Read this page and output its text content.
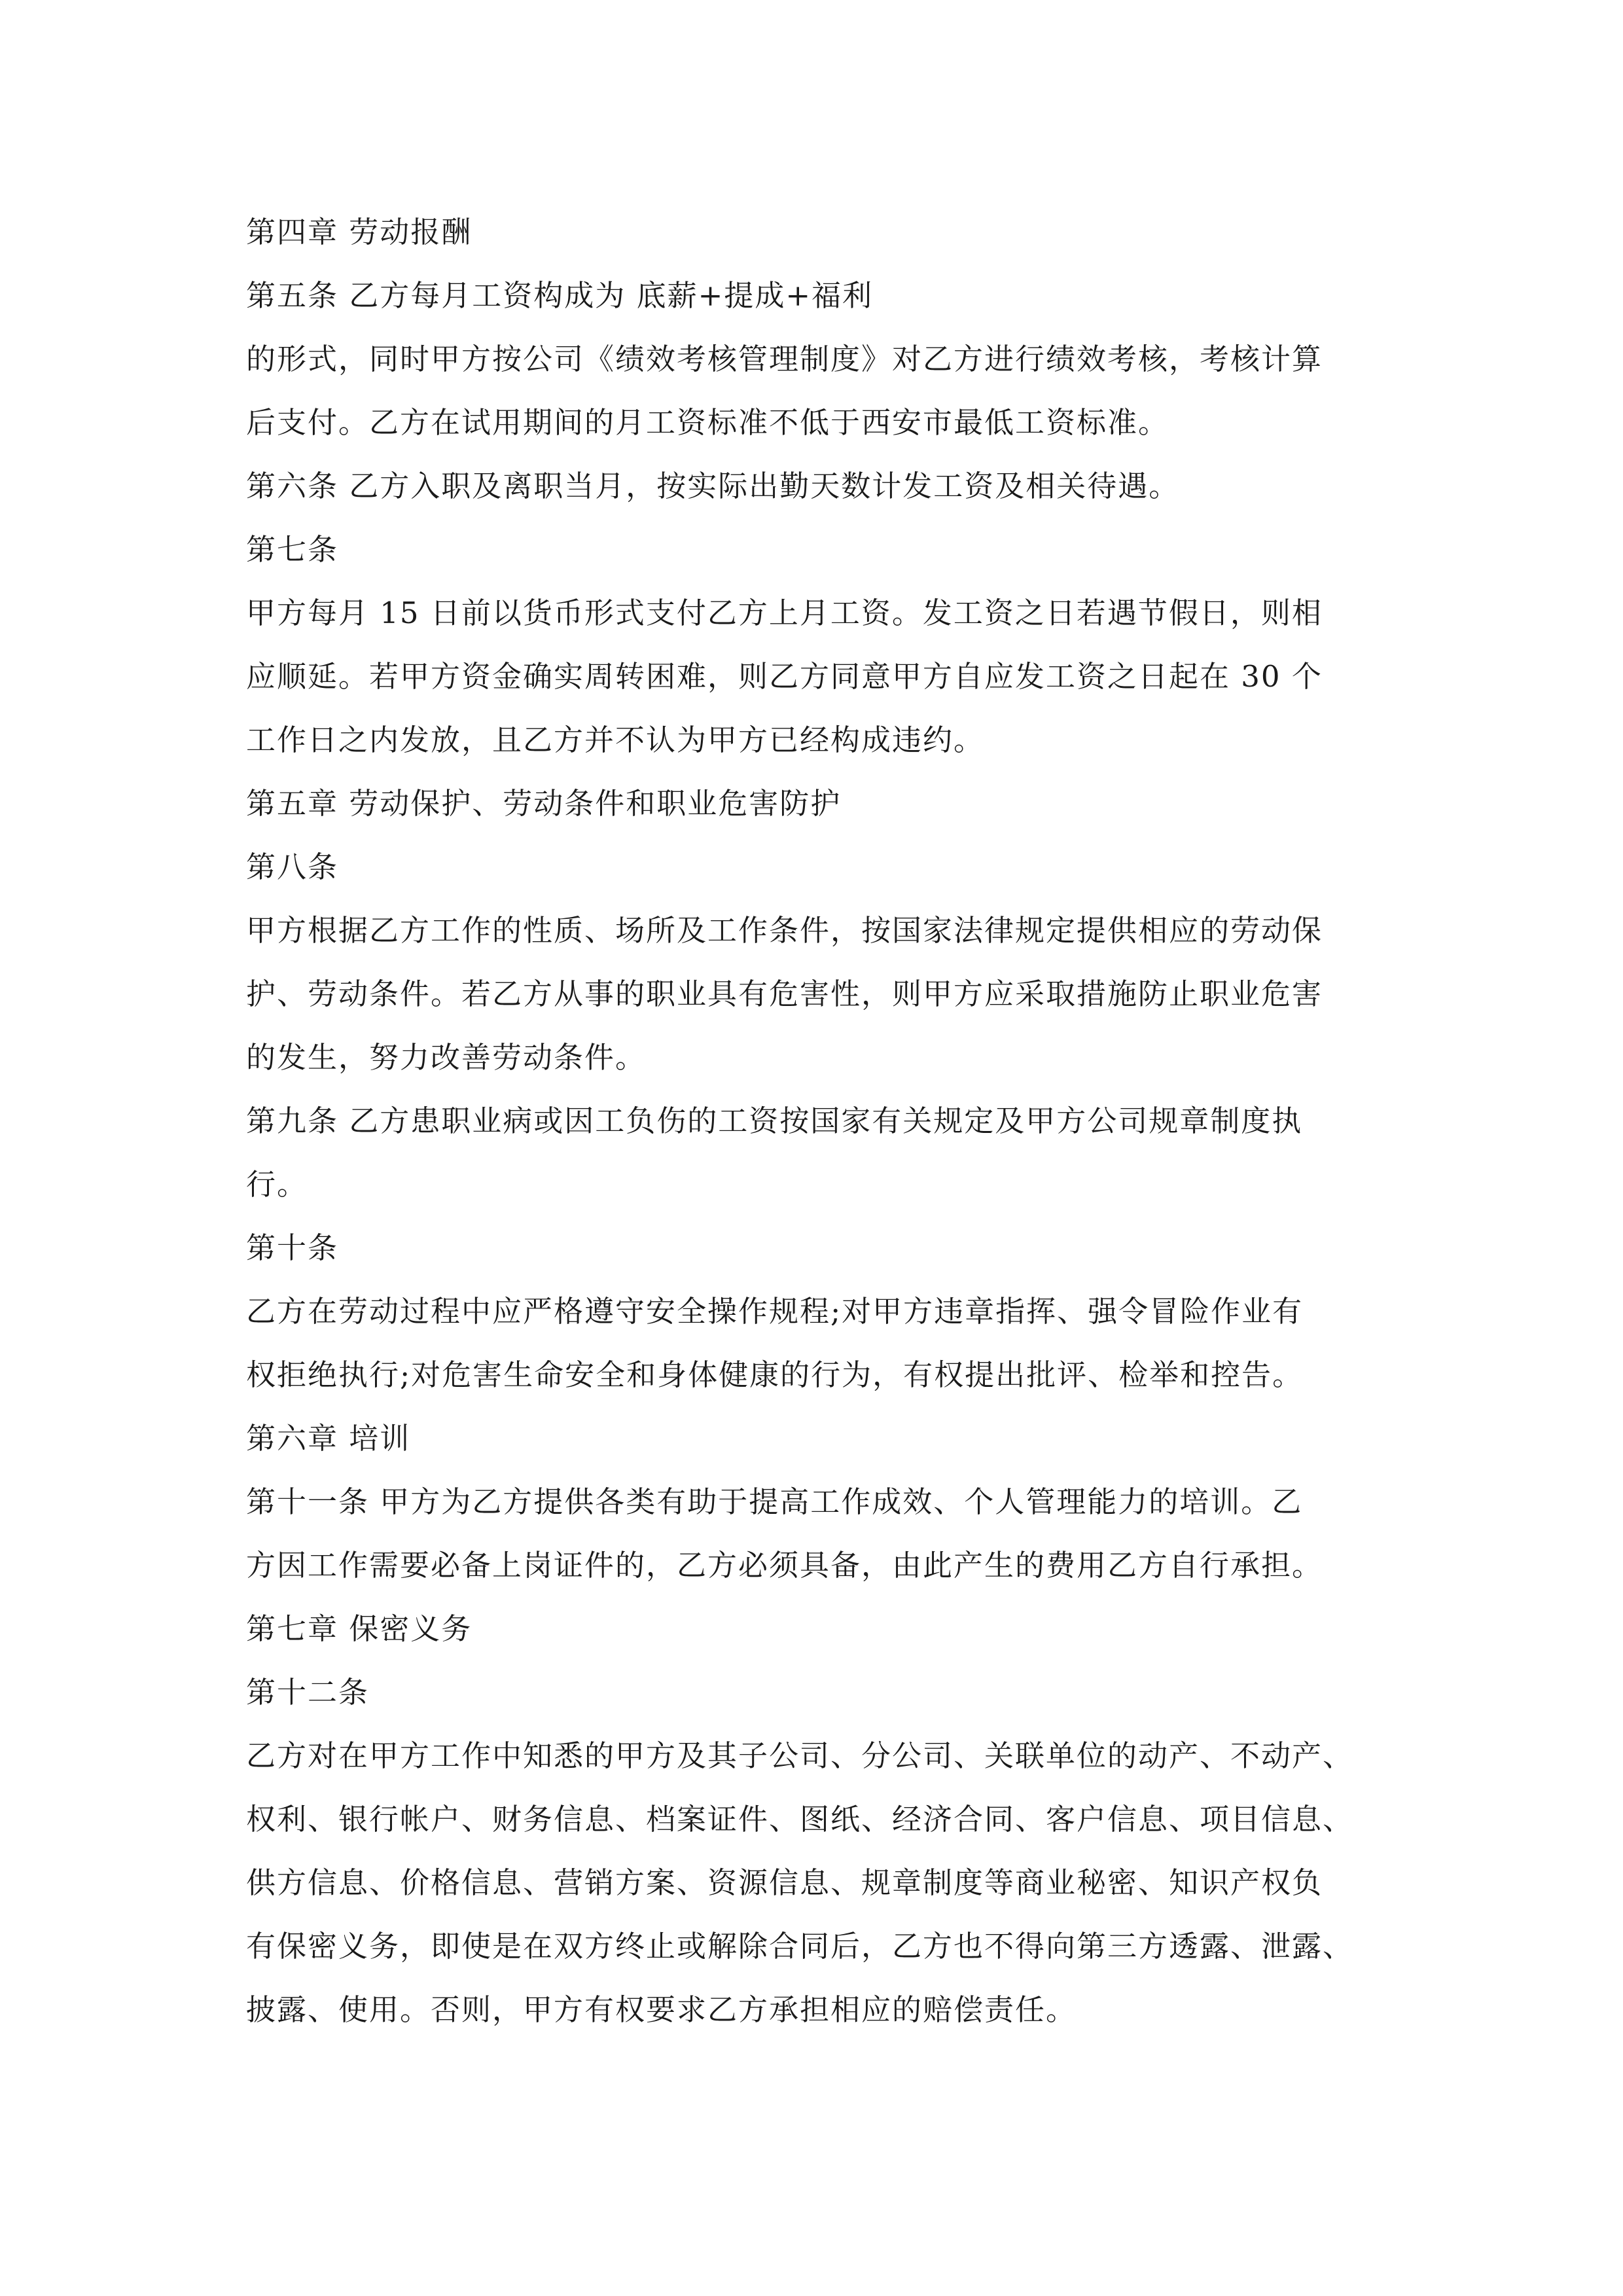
第四章 劳动报酬
第五条 乙方每月工资构成为 底薪+提成+福利
的形式，同时甲方按公司《绩效考核管理制度》对乙方进行绩效考核，考核计算
后支付。乙方在试用期间的月工资标准不低于西安市最低工资标准。
第六条 乙方入职及离职当月，按实际出勤天数计发工资及相关待遇。
第七条
甲方每月 15 日前以货币形式支付乙方上月工资。发工资之日若遇节假日，则相
应顺延。若甲方资金确实周转困难，则乙方同意甲方自应发工资之日起在 30 个
工作日之内发放，且乙方并不认为甲方已经构成违约。
第五章 劳动保护、劳动条件和职业危害防护
第八条
甲方根据乙方工作的性质、场所及工作条件，按国家法律规定提供相应的劳动保
护、劳动条件。若乙方从事的职业具有危害性，则甲方应采取措施防止职业危害
的发生，努力改善劳动条件。
第九条 乙方患职业病或因工负伤的工资按国家有关规定及甲方公司规章制度执
行。
第十条
乙方在劳动过程中应严格遵守安全操作规程;对甲方违章指挥、强令冒险作业有
权拒绝执行;对危害生命安全和身体健康的行为，有权提出批评、检举和控告。
第六章 培训
第十一条 甲方为乙方提供各类有助于提高工作成效、个人管理能力的培训。乙
方因工作需要必备上岗证件的，乙方必须具备，由此产生的费用乙方自行承担。
第七章 保密义务
第十二条
乙方对在甲方工作中知悉的甲方及其子公司、分公司、关联单位的动产、不动产、
权利、银行帐户、财务信息、档案证件、图纸、经济合同、客户信息、项目信息、
供方信息、价格信息、营销方案、资源信息、规章制度等商业秘密、知识产权负
有保密义务，即使是在双方终止或解除合同后，乙方也不得向第三方透露、泄露、
披露、使用。否则，甲方有权要求乙方承担相应的赔偿责任。
